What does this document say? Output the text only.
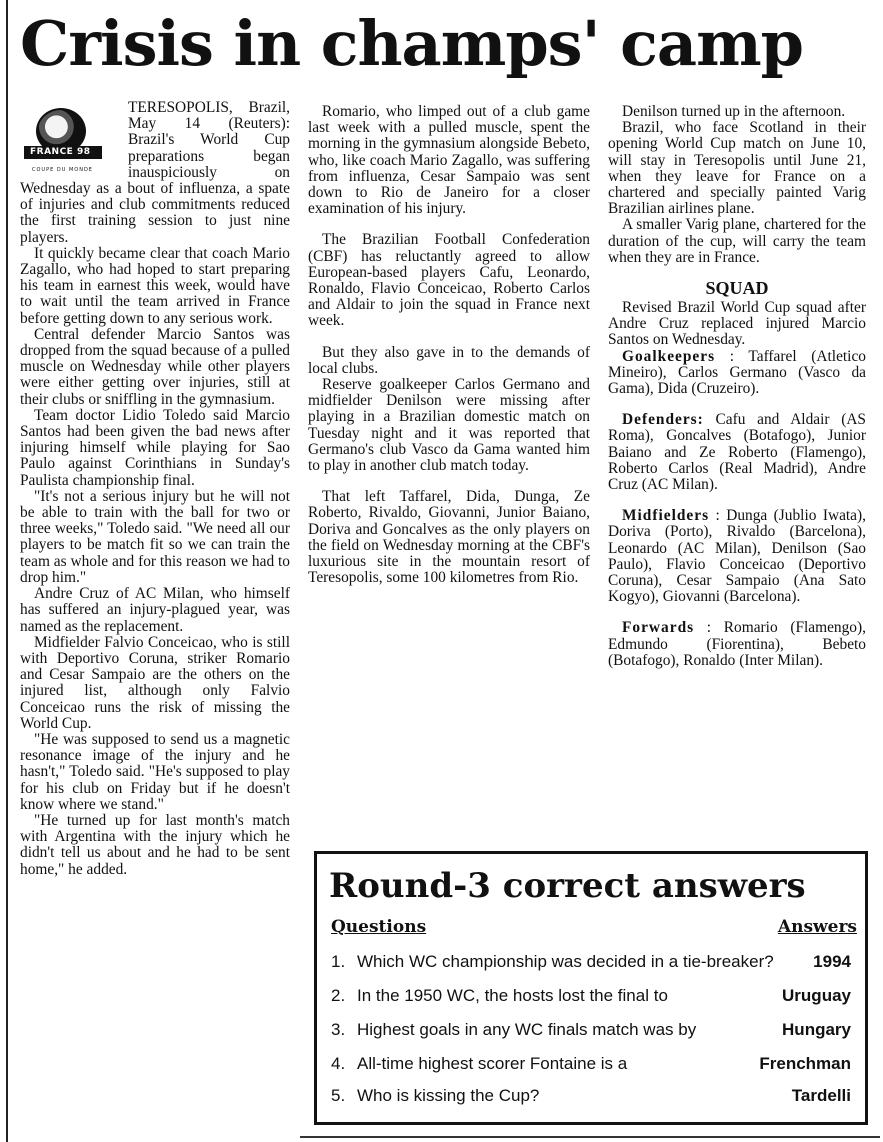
Crisis in champs' camp
FRANCE 98
COUPE DU MONDE

TERESOPOLIS, Brazil, May 14 (Reuters): Brazil's World Cup preparations began inauspiciously on Wednesday as a bout of influenza, a spate of injuries and club commitments reduced the first training session to just nine players.

It quickly became clear that coach Mario Zagallo, who had hoped to start preparing his team in earnest this week, would have to wait until the team arrived in France before getting down to any serious work.

Central defender Marcio Santos was dropped from the squad because of a pulled muscle on Wednesday while other players were either getting over injuries, still at their clubs or sniffling in the gymnasium.

Team doctor Lidio Toledo said Marcio Santos had been given the bad news after injuring himself while playing for Sao Paulo against Corinthians in Sunday's Paulista championship final.

"It's not a serious injury but he will not be able to train with the ball for two or three weeks," Toledo said. "We need all our players to be match fit so we can train the team as whole and for this reason we had to drop him."

Andre Cruz of AC Milan, who himself has suffered an injury-plagued year, was named as the replacement.

Midfielder Falvio Conceicao, who is still with Deportivo Coruna, striker Romario and Cesar Sampaio are the others on the injured list, although only Falvio Conceicao runs the risk of missing the World Cup.

"He was supposed to send us a magnetic resonance image of the injury and he hasn't," Toledo said. "He's supposed to play for his club on Friday but if he doesn't know where we stand."

"He turned up for last month's match with Argentina with the injury which he didn't tell us about and he had to be sent home," he added.

Romario, who limped out of a club game last week with a pulled muscle, spent the morning in the gymnasium alongside Bebeto, who, like coach Mario Zagallo, was suffering from influenza, Cesar Sampaio was sent down to Rio de Janeiro for a closer examination of his injury.

The Brazilian Football Confederation (CBF) has reluctantly agreed to allow European-based players Cafu, Leonardo, Ronaldo, Flavio Conceicao, Roberto Carlos and Aldair to join the squad in France next week.

But they also gave in to the demands of local clubs.

Reserve goalkeeper Carlos Germano and midfielder Denilson were missing after playing in a Brazilian domestic match on Tuesday night and it was reported that Germano's club Vasco da Gama wanted him to play in another club match today.

That left Taffarel, Dida, Dunga, Ze Roberto, Rivaldo, Giovanni, Junior Baiano, Doriva and Goncalves as the only players on the field on Wednesday morning at the CBF's luxurious site in the mountain resort of Teresopolis, some 100 kilometres from Rio.

Denilson turned up in the afternoon.

Brazil, who face Scotland in their opening World Cup match on June 10, will stay in Teresopolis until June 21, when they leave for France on a chartered and specially painted Varig Brazilian airlines plane.

A smaller Varig plane, chartered for the duration of the cup, will carry the team when they are in France.

SQUAD

Revised Brazil World Cup squad after Andre Cruz replaced injured Marcio Santos on Wednesday.

Goalkeepers : Taffarel (Atletico Mineiro), Carlos Germano (Vasco da Gama), Dida (Cruzeiro).

Defenders: Cafu and Aldair (AS Roma), Goncalves (Botafogo), Junior Baiano and Ze Roberto (Flamengo), Roberto Carlos (Real Madrid), Andre Cruz (AC Milan).

Midfielders : Dunga (Jublio Iwata), Doriva (Porto), Rivaldo (Barcelona), Leonardo (AC Milan), Denilson (Sao Paulo), Flavio Conceicao (Deportivo Coruna), Cesar Sampaio (Ana Sato Kogyo), Giovanni (Barcelona).

Forwards : Romario (Flamengo), Edmundo (Fiorentina), Bebeto (Botafogo), Ronaldo (Inter Milan).

Round-3 correct answers
Questions	Answers
1. Which WC championship was decided in a tie-breaker? 1994
2. In the 1950 WC, the hosts lost the final to	Uruguay
3. Highest goals in any WC finals match was by	Hungary
4. All-time highest scorer Fontaine is a	Frenchman
5. Who is kissing the Cup?	Tardelli
